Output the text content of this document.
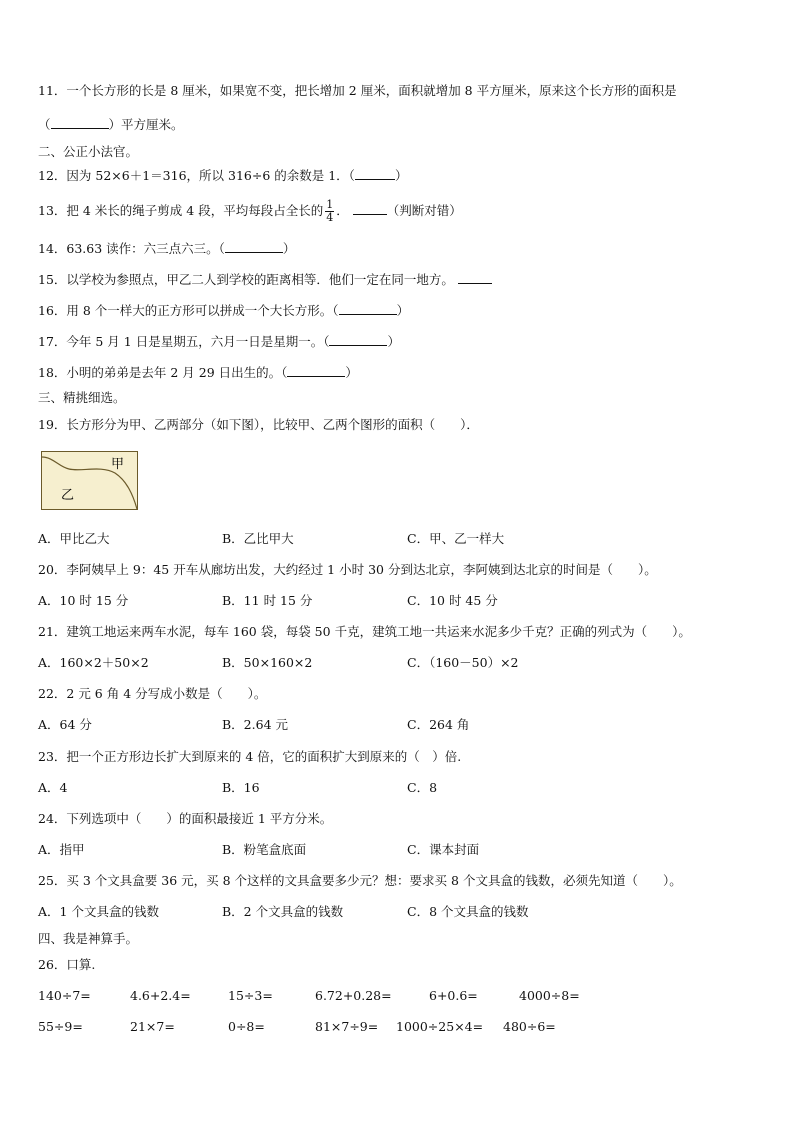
11．一个长方形的长是 8 厘米，如果宽不变，把长增加 2 厘米，面积就增加 8 平方厘米，原来这个长方形的面积是
（	）平方厘米。
二、公正小法官。
12．因为 52×6＋1＝316，所以 316÷6 的余数是 1．（	）
13．把 4 米长的绳子剪成 4 段，平均每段占全长的 $\frac{1}{4}$ ．	（判断对错）
14．63.63 读作：六三点六三。（	）
15．以学校为参照点，甲乙二人到学校的距离相等．他们一定在同一地方。
16．用 8 个一样大的正方形可以拼成一个大长方形。（	）
17．今年 5 月 1 日是星期五，六月一日是星期一。（	）
18．小明的弟弟是去年 2 月 29 日出生的。（	）
三、精挑细选。
19．长方形分为甲、乙两部分（如下图），比较甲、乙两个图形的面积（　　）．
甲
乙
A．甲比乙大	B．乙比甲大	C．甲、乙一样大
20．李阿姨早上 9：45 开车从廊坊出发，大约经过 1 小时 30 分到达北京，李阿姨到达北京的时间是（　　）。
A．10 时 15 分	B．11 时 15 分	C．10 时 45 分
21．建筑工地运来两车水泥，每车 160 袋，每袋 50 千克，建筑工地一共运来水泥多少千克？正确的列式为（　　）。
A．160×2＋50×2	B．50×160×2	C．（160－50）×2
22．2 元 6 角 4 分写成小数是（　　）。
A．64 分	B．2.64 元	C．264 角
23．把一个正方形边长扩大到原来的 4 倍，它的面积扩大到原来的（　）倍.
A．4	B．16	C．8
24．下列选项中（　　）的面积最接近 1 平方分米。
A．指甲	B．粉笔盒底面	C．课本封面
25．买 3 个文具盒要 36 元，买 8 个这样的文具盒要多少元？想：要求买 8 个文具盒的钱数，必须先知道（　　）。
A．1 个文具盒的钱数	B．2 个文具盒的钱数	C．8 个文具盒的钱数
四、我是神算手。
26．口算.
140÷7=	4.6+2.4=	15÷3=	6.72+0.28=	6+0.6=	4000÷8=
55÷9=	21×7=	0÷8=	81×7÷9= 1000÷25×4= 480÷6=
